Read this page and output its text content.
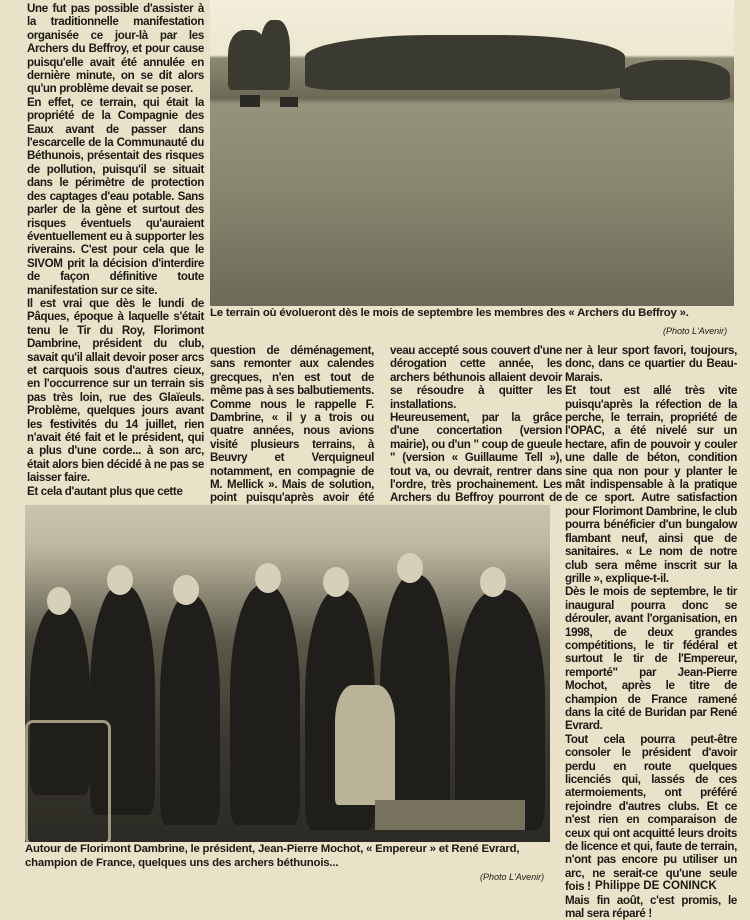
Une fut pas possible d'assister à la traditionnelle manifestation organisée ce jour-là par les Archers du Beffroy, et pour cause puisqu'elle avait été annulée en dernière minute, on se dit alors qu'un problème devait se poser.

En effet, ce terrain, qui était la propriété de la Compagnie des Eaux avant de passer dans l'escarcelle de la Communauté du Béthunois, présentait des risques de pollution, puisqu'il se situait dans le périmètre de protection des captages d'eau potable. Sans parler de la gène et surtout des risques éventuels qu'auraient éventuellement eu à supporter les riverains. C'est pour cela que le SIVOM prit la décision d'interdire de façon définitive toute manifestation sur ce site.

Il est vrai que dès le lundi de Pâques, époque à laquelle s'était tenu le Tir du Roy, Florimont Dambrine, président du club, savait qu'il allait devoir poser arcs et carquois sous d'autres cieux, en l'occurrence sur un terrain sis pas très loin, rue des Glaïeuls. Problème, quelques jours avant les festivités du 14 juillet, rien n'avait été fait et le président, qui a plus d'une corde... à son arc, était alors bien décidé à ne pas se laisser faire.

Et cela d'autant plus que cette

Le terrain où évolueront dès le mois de septembre les membres des « Archers du Beffroy ».
(Photo L'Avenir)

question de déménagement, sans remonter aux calendes grecques, n'en est tout de même pas à ses balbutiements. Comme nous le rappelle F. Dambrine, « il y a trois ou quatre années, nous avions visité plusieurs terrains, à Beuvry et Verquigneul notamment, en compagnie de M. Mellick ». Mais de solution, point puisqu'après avoir été

veau accepté sous couvert d'une dérogation cette année, les archers béthunois allaient devoir se résoudre à quitter les installations.

Heureusement, par la grâce d'une concertation (version mairie), ou d'un " coup de gueule " (version « Guillaume Tell »), tout va, ou devrait, rentrer dans l'ordre, très prochainement. Les Archers du Beffroy pourront de

ner à leur sport favori, toujours, donc, dans ce quartier du Beau-Marais.

Et tout est allé très vite puisqu'après la réfection de la perche, le terrain, propriété de l'OPAC, a été nivelé sur un hectare, afin de pouvoir y couler une dalle de béton, condition sine qua non pour y planter le mât indispensable à la pratique de ce sport. Autre satisfaction pour Florimont Dambrine, le club pourra bénéficier d'un bungalow flambant neuf, ainsi que de sanitaires. « Le nom de notre club sera même inscrit sur la grille », explique-t-il.

Dès le mois de septembre, le tir inaugural pourra donc se dérouler, avant l'organisation, en 1998, de deux grandes compétitions, le tir fédéral et surtout le tir de l'Empereur, remporté" par Jean-Pierre Mochot, après le titre de champion de France ramené dans la cité de Buridan par René Evrard.

Tout cela pourra peut-être consoler le président d'avoir perdu en route quelques licenciés qui, lassés de ces atermoiements, ont préféré rejoindre d'autres clubs. Et ce n'est rien en comparaison de ceux qui ont acquitté leurs droits de licence et qui, faute de terrain, n'ont pas encore pu utiliser un arc, ne serait-ce qu'une seule fois !

Mais fin août, c'est promis, le mal sera réparé !

Autour de Florimont Dambrine, le président, Jean-Pierre Mochot, « Empereur » et René Evrard, champion de France, quelques uns des archers béthunois...
(Photo L'Avenir)
Philippe DE CONINCK
